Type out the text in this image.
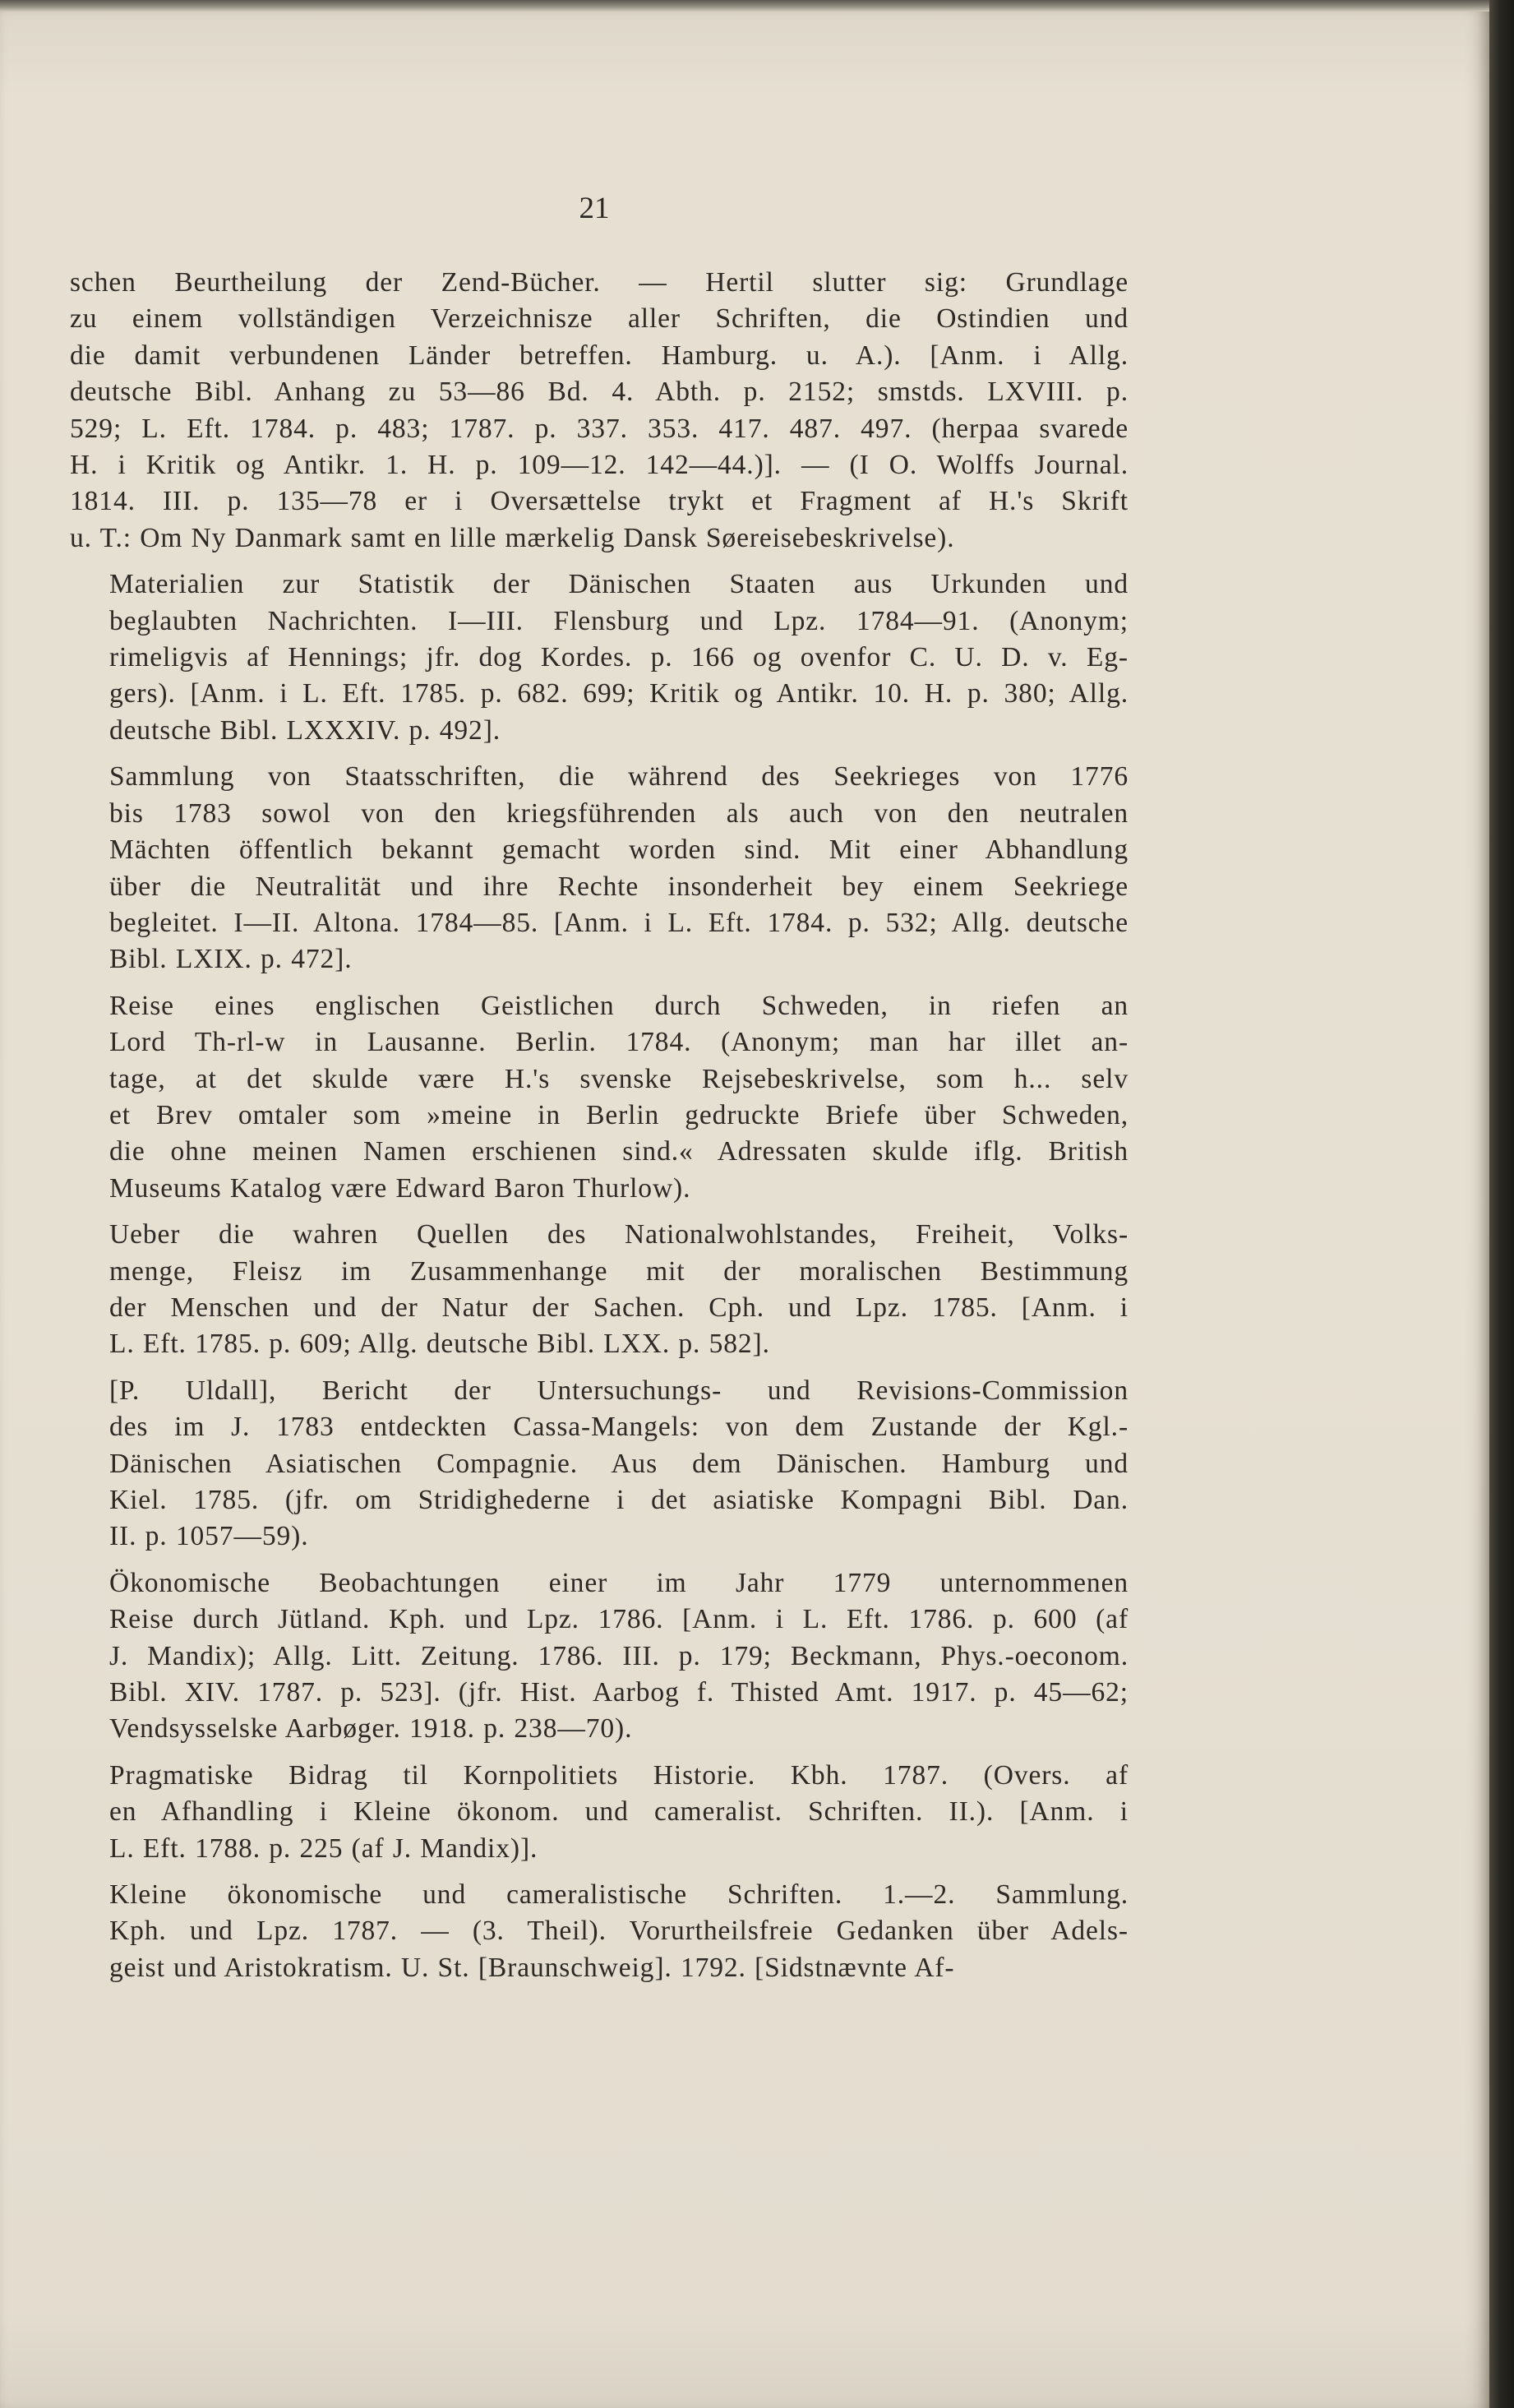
21
schen Beurtheilung der Zend-Bücher. — Hertil slutter sig: Grundlage
zu einem vollständigen Verzeichnisze aller Schriften, die Ostindien und
die damit verbundenen Länder betreffen. Hamburg. u. A.). [Anm. i Allg.
deutsche Bibl. Anhang zu 53—86 Bd. 4. Abth. p. 2152; smstds. LXVIII. p.
529; L. Eft. 1784. p. 483; 1787. p. 337. 353. 417. 487. 497. (herpaa svarede
H. i Kritik og Antikr. 1. H. p. 109—12. 142—44.)]. — (I O. Wolffs Journal.
1814. III. p. 135—78 er i Oversættelse trykt et Fragment af H.'s Skrift
u. T.: Om Ny Danmark samt en lille mærkelig Dansk Søereisebeskrivelse).
Materialien zur Statistik der Dänischen Staaten aus Urkunden und
beglaubten Nachrichten. I—III. Flensburg und Lpz. 1784—91. (Anonym;
rimeligvis af Hennings; jfr. dog Kordes. p. 166 og ovenfor C. U. D. v. Eg-
gers). [Anm. i L. Eft. 1785. p. 682. 699; Kritik og Antikr. 10. H. p. 380; Allg.
deutsche Bibl. LXXXIV. p. 492].
Sammlung von Staatsschriften, die während des Seekrieges von 1776
bis 1783 sowol von den kriegsführenden als auch von den neutralen
Mächten öffentlich bekannt gemacht worden sind. Mit einer Abhandlung
über die Neutralität und ihre Rechte insonderheit bey einem Seekriege
begleitet. I—II. Altona. 1784—85. [Anm. i L. Eft. 1784. p. 532; Allg. deutsche
Bibl. LXIX. p. 472].
Reise eines englischen Geistlichen durch Schweden, in riefen an
Lord Th-rl-w in Lausanne. Berlin. 1784. (Anonym; man har illet an-
tage, at det skulde være H.'s svenske Rejsebeskrivelse, som h... selv
et Brev omtaler som »meine in Berlin gedruckte Briefe über Schweden,
die ohne meinen Namen erschienen sind.« Adressaten skulde iflg. British
Museums Katalog være Edward Baron Thurlow).
Ueber die wahren Quellen des Nationalwohlstandes, Freiheit, Volks-
menge, Fleisz im Zusammenhange mit der moralischen Bestimmung
der Menschen und der Natur der Sachen. Cph. und Lpz. 1785. [Anm. i
L. Eft. 1785. p. 609; Allg. deutsche Bibl. LXX. p. 582].
[P. Uldall], Bericht der Untersuchungs- und Revisions-Commission
des im J. 1783 entdeckten Cassa-Mangels: von dem Zustande der Kgl.-
Dänischen Asiatischen Compagnie. Aus dem Dänischen. Hamburg und
Kiel. 1785. (jfr. om Stridighederne i det asiatiske Kompagni Bibl. Dan.
II. p. 1057—59).
Ökonomische Beobachtungen einer im Jahr 1779 unternommenen
Reise durch Jütland. Kph. und Lpz. 1786. [Anm. i L. Eft. 1786. p. 600 (af
J. Mandix); Allg. Litt. Zeitung. 1786. III. p. 179; Beckmann, Phys.-oeconom.
Bibl. XIV. 1787. p. 523]. (jfr. Hist. Aarbog f. Thisted Amt. 1917. p. 45—62;
Vendsysselske Aarbøger. 1918. p. 238—70).
Pragmatiske Bidrag til Kornpolitiets Historie. Kbh. 1787. (Overs. af
en Afhandling i Kleine ökonom. und cameralist. Schriften. II.). [Anm. i
L. Eft. 1788. p. 225 (af J. Mandix)].
Kleine ökonomische und cameralistische Schriften. 1.—2. Sammlung.
Kph. und Lpz. 1787. — (3. Theil). Vorurtheilsfreie Gedanken über Adels-
geist und Aristokratism. U. St. [Braunschweig]. 1792. [Sidstnævnte Af-
